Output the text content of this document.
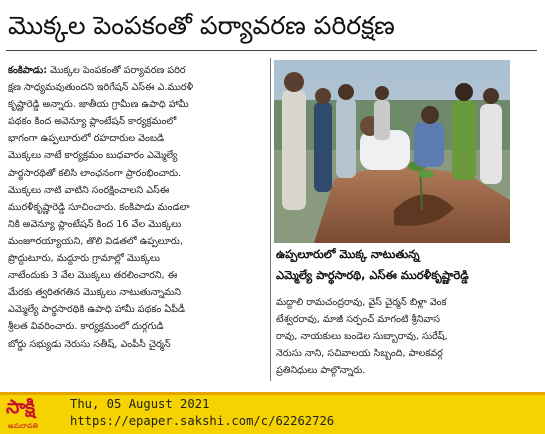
మొక్కల పెంపకంతో పర్యావరణ పరిరక్షణ
కంకిపాడు: మొక్కల పెంపకంతో పర్యావరణ పరిర
క్షణ సాధ్యమవుతుందని ఇరిగేషన్ ఎస్ఈ ఎ.మురళీ
కృష్ణారెడ్డి అన్నారు. జాతీయ గ్రామీణ ఉపాధి హామీ
పథకం కింద అవెన్యూ ప్లాంటేషన్ కార్యక్రమంలో
భాగంగా ఉప్పలూరులో రహదారుల వెంబడి
మొక్కలు నాటే కార్యక్రమం బుధవారం ఎమ్మెల్యే
పార్థసారథితో కలిసి లాంఛనంగా ప్రారంభించారు.
మొక్కలు నాటి వాటిని సంరక్షించాలని ఎస్ఈ
మురళీకృష్ణారెడ్డి సూచించారు. కంకిపాడు మండలా
నికి అవెన్యూ ప్లాంటేషన్ కింద 16 వేల మొక్కలు
మంజూరయ్యాయని, తొలి విడతలో ఉప్పలూరు,
ప్రొద్దుటూరు, మద్దూరు గ్రామాల్లో మొక్కలు
నాటేందుకు 3 వేల మొక్కలు తరలించారని, ఈ
మేరకు త్వరితగతిన మొక్కలు నాటుతున్నామని
ఎమ్మెల్యే పార్థసారథికి ఉపాధి హామీ పథకం ఏపీడీ
శ్రీలత వివరించారు. కార్యక్రమంలో దుర్గగుడి
బోర్డు సభ్యుడు నెరుసు సతీష్, ఎంపీసీ చైర్మన్
ఉప్పలూరులో మొక్క నాటుతున్న
ఎమ్మెల్యే పార్థసారథి, ఎస్ఈ మురళీకృష్ణారెడ్డి
మద్దాలి రామచంద్రరావు, వైస్ చైర్మన్ బిళ్లా వెంక
టేశ్వరరావు, మాజీ సర్పంచ్ మాగంటి శ్రీనివాస
రావు, నాయకులు బండెల సుబ్బారావు, సురేష్,
నెరుసు నాని, సచివాలయ సిబ్బంది, పాలకవర్గ
ప్రతినిధులు పాల్గొన్నారు.
సాక్షి
అమరావతి
Thu, 05 August 2021
https://epaper.sakshi.com/c/62262726
